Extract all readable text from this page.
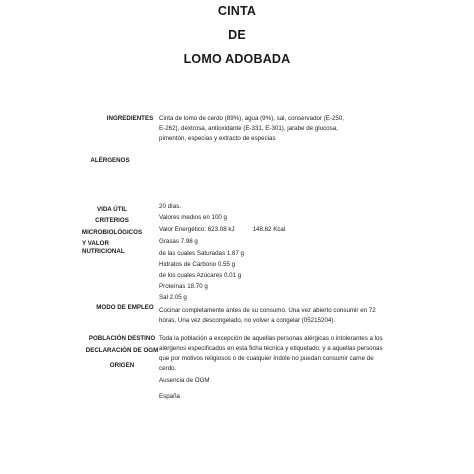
CINTA
DE
LOMO ADOBADA
INGREDIENTES Cinta de lomo de cerdo (89%), agua (9%), sal, conservador (E-250,
E-262), dextrosa, antioxidante (E-331, E-301), jarabe de glucosa,
pimentón, especias y extracto de especias
ALÉRGENOS
VIDA ÚTIL	20 días.
CRITERIOS
MICROBIOLÓGICOS
Y VALOR
NUTRICIONAL
Valores medios en 100 g
Valor Energético: 623.08 kJ	148.82 Kcal
Grasas 7.98 g
de las cuales Saturadas 1.87 g
Hidratos de Carbono 0.55 g
de los cuales Azúcares 0.01 g
Proteínas 18.70 g
Sal 2.05 g
MODO DE EMPLEO Cocinar completamente antes de su consumo. Una vez abierto consumir en 72
horas. Una vez descongelado, no volver a congelar (05215204).
POBLACIÓN DESTINO Toda la población a excepción de aquellas personas alérgicas o intolerantes a los
alérgenos especificados en esta ficha técnica y etiquetado; y a aquellas personas
que por motivos religiosos o de cualquier índole no puedan consumir carne de
cerdo.
DECLARACIÓN DE OGM
Ausencia de OGM
ORIGEN
España
